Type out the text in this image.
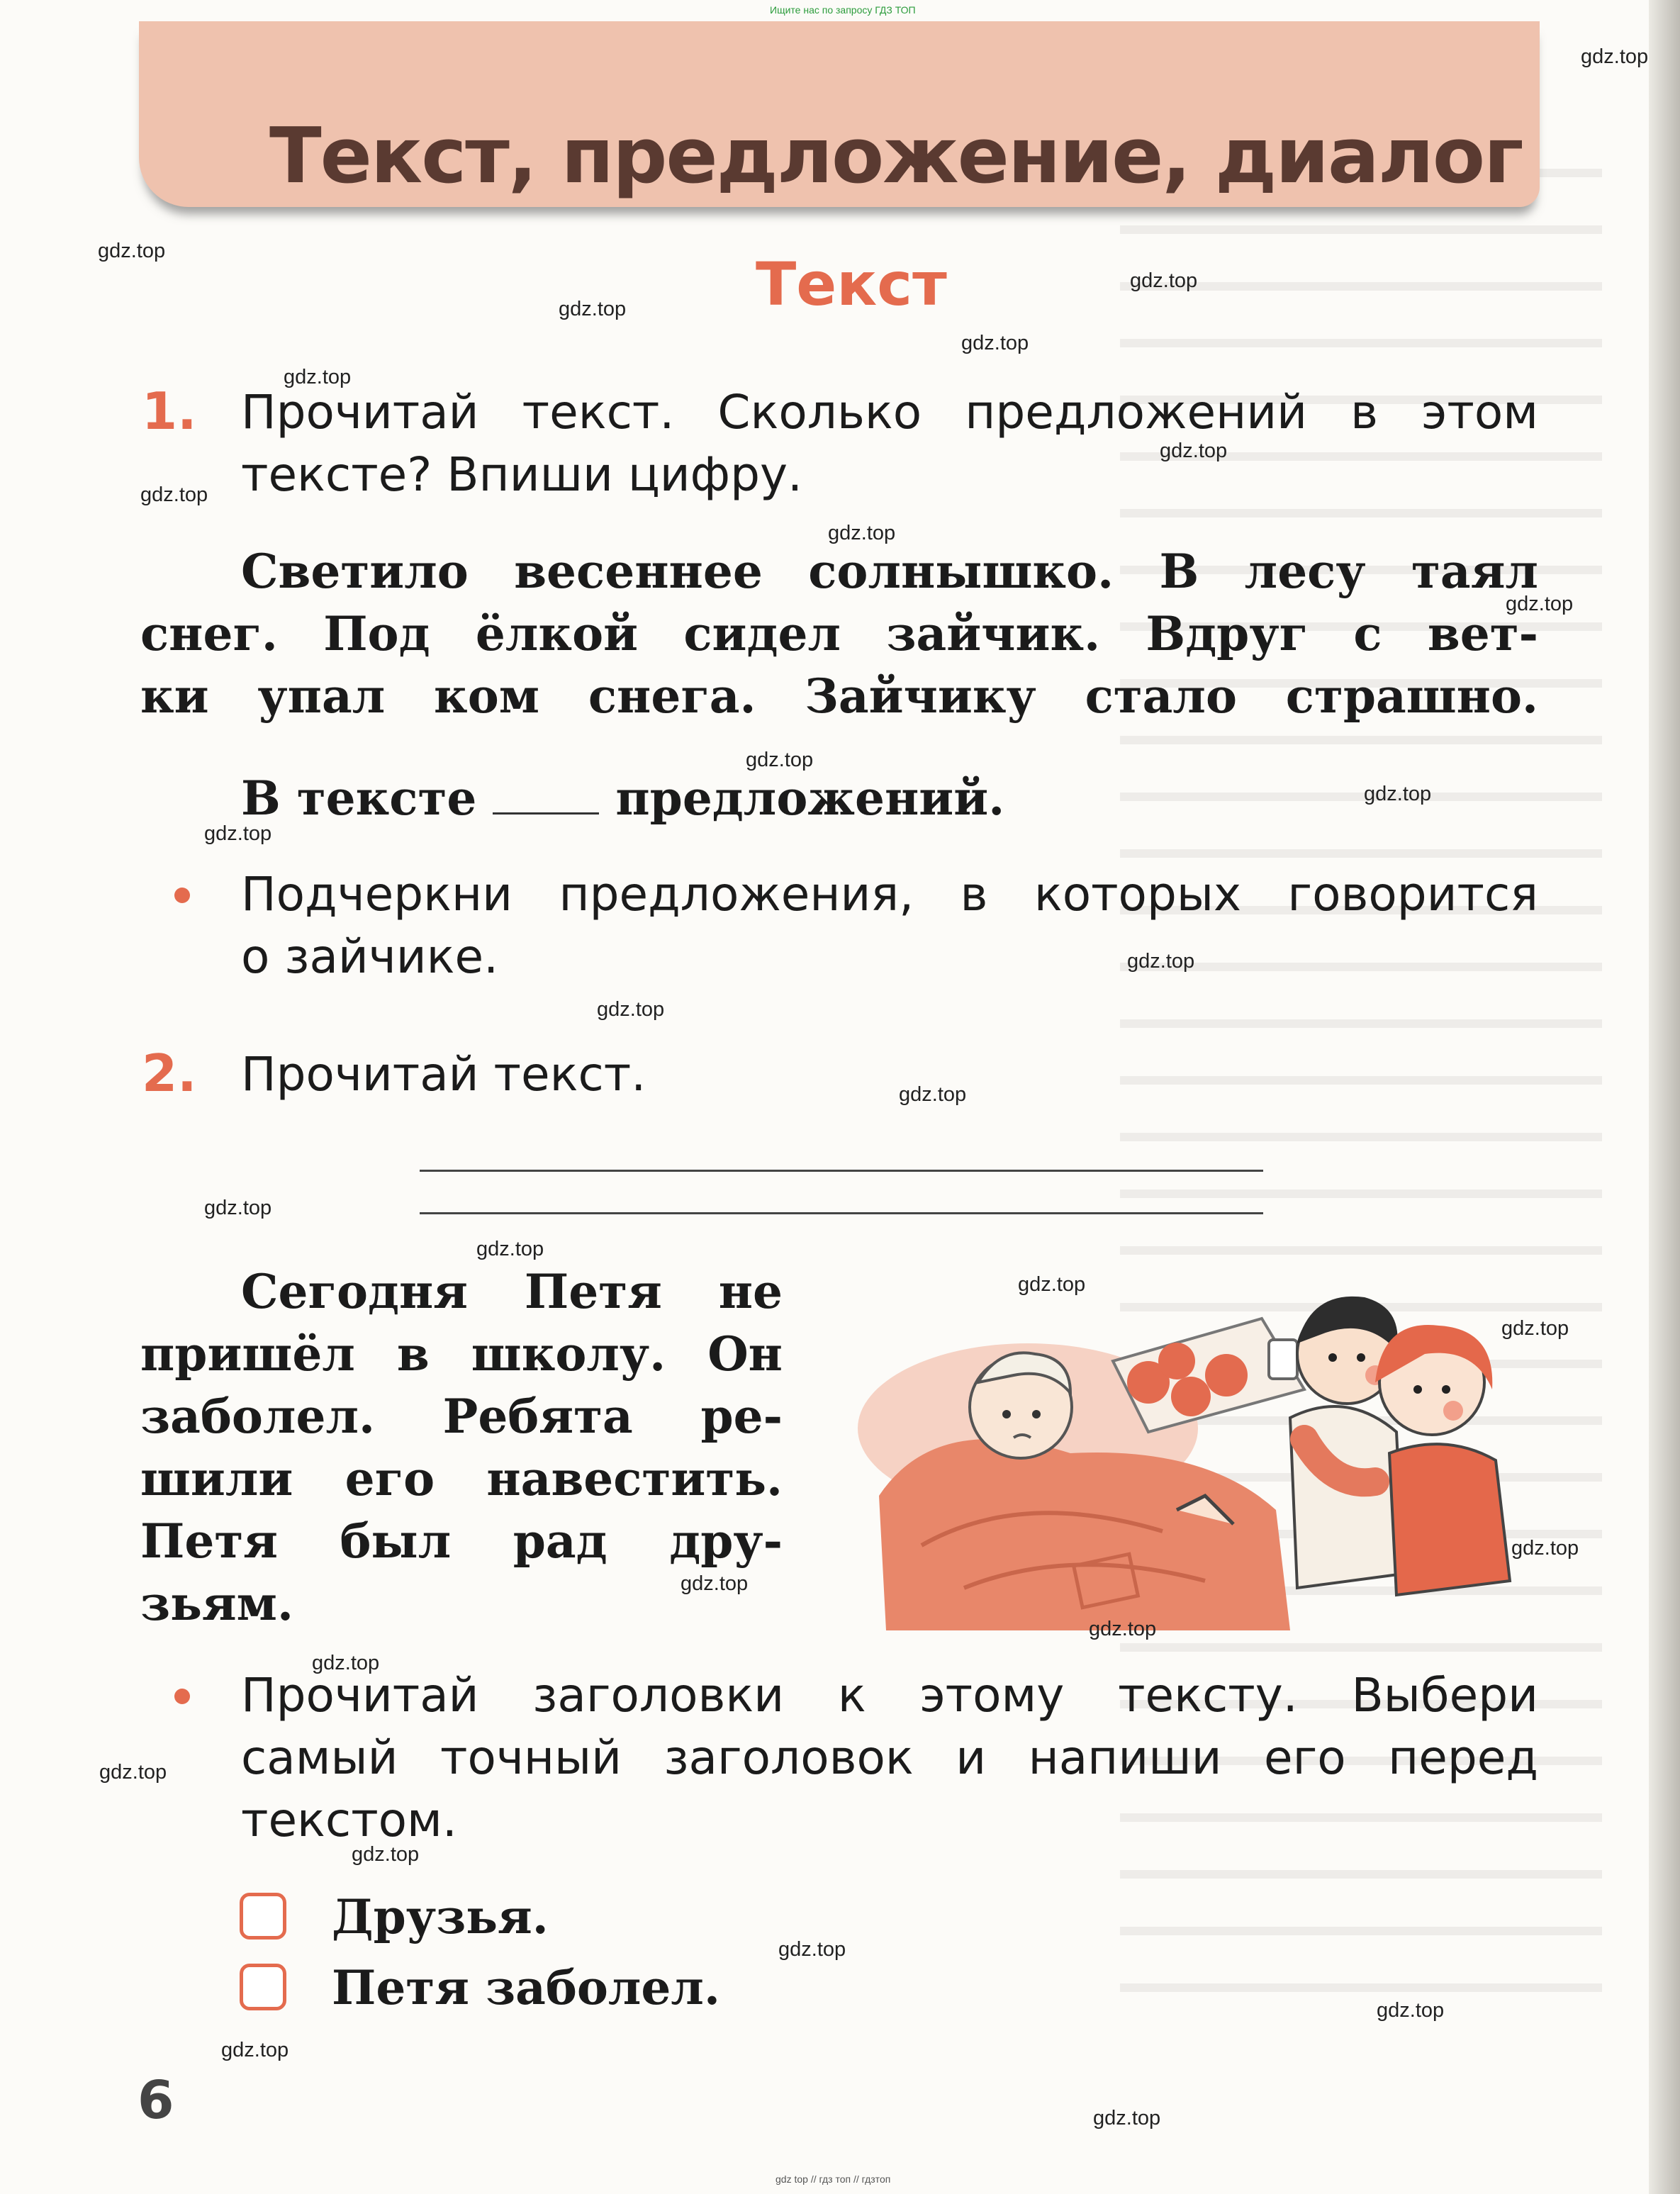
Ищите нас по запросу ГДЗ ТОП
Текст, предложение, диалог
Текст
1. Прочитай текст. Сколько предложений в этом
тексте? Впиши цифру.
Светило весеннее солнышко. В лесу таял
снег. Под ёлкой сидел зайчик. Вдруг с вет-
ки упал ком снега. Зайчику стало страшно.
В тексте	предложений.
Подчеркни предложения, в которых говорится
о зайчике.
2. Прочитай текст.
Сегодня Петя не
пришёл в школу. Он
заболел. Ребята ре-
шили его навестить.
Петя был рад дру-
зьям.
Прочитай заголовки к этому тексту. Выбери
самый точный заголовок и напиши его перед
текстом.
Друзья.
Петя заболел.
6
gdz.top
gdz.top
gdz.top
gdz.top
gdz.top
gdz.top
gdz.top
gdz.top
gdz.top
gdz.top
gdz.top
gdz.top
gdz.top
gdz.top
gdz.top
gdz.top
gdz.top
gdz.top
gdz.top
gdz.top
gdz.top
gdz.top
gdz.top
gdz.top
gdz.top
gdz.top
gdz.top
gdz.top
gdz.top
gdz.top
gdz top // гдз топ // гдзтоп
